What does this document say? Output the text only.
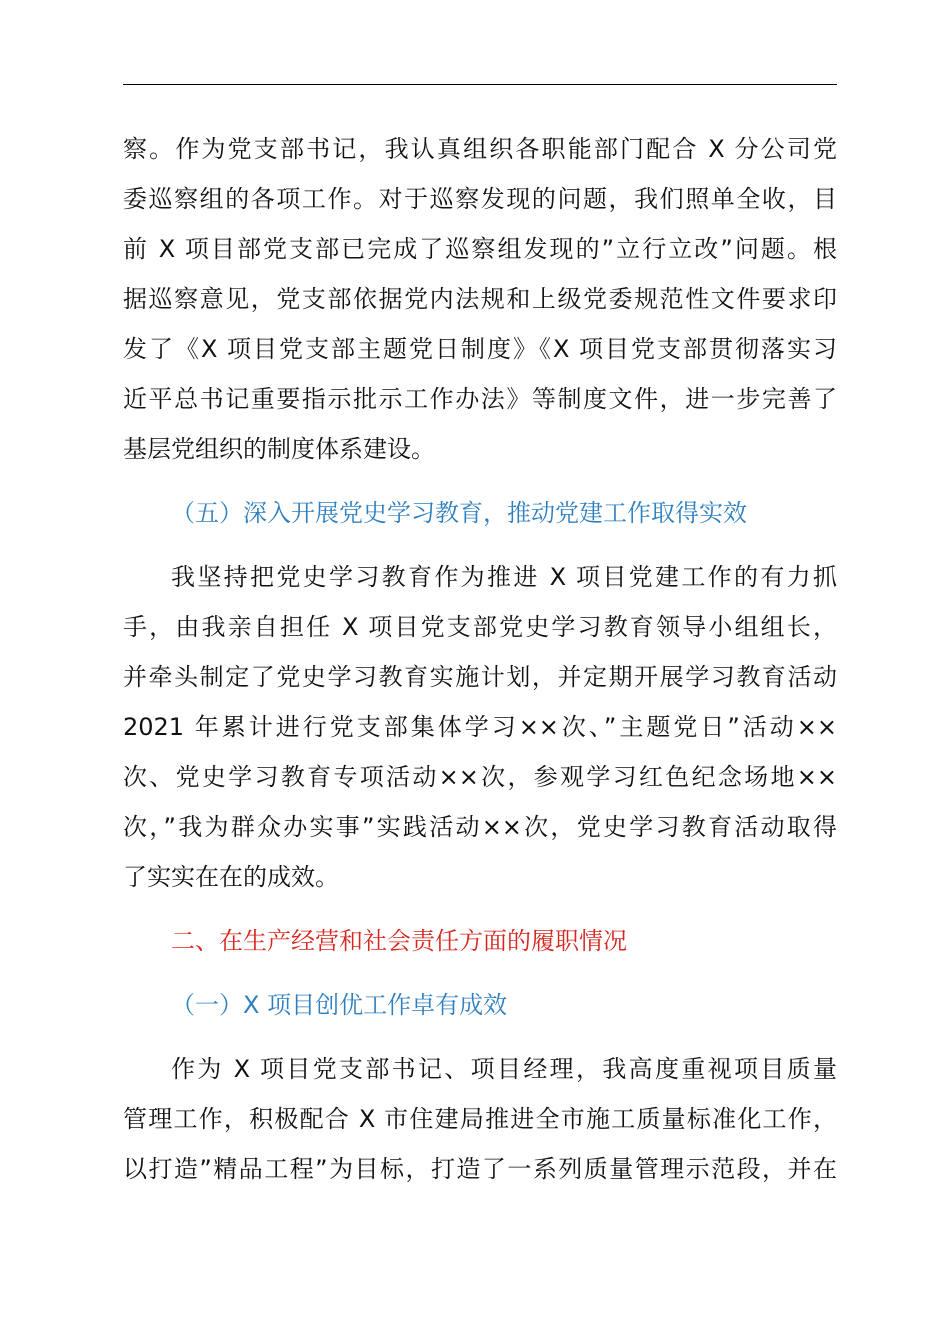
察。作为党支部书记，我认真组织各职能部门配合 X 分公司党
委巡察组的各项工作。对于巡察发现的问题，我们照单全收，目
前 X 项目部党支部已完成了巡察组发现的”立行立改”问题。根
据巡察意见，党支部依据党内法规和上级党委规范性文件要求印
发了《X 项目党支部主题党日制度》《X 项目党支部贯彻落实习
近平总书记重要指示批示工作办法》等制度文件，进一步完善了
基层党组织的制度体系建设。
（五）深入开展党史学习教育，推动党建工作取得实效
我坚持把党史学习教育作为推进 X 项目党建工作的有力抓
手，由我亲自担任 X 项目党支部党史学习教育领导小组组长，
并牵头制定了党史学习教育实施计划，并定期开展学习教育活动
2021 年累计进行党支部集体学习××次、”主题党日”活动××
次、党史学习教育专项活动××次，参观学习红色纪念场地××
次，”我为群众办实事”实践活动××次，党史学习教育活动取得
了实实在在的成效。
二、在生产经营和社会责任方面的履职情况
（一）X 项目创优工作卓有成效
作为 X 项目党支部书记、项目经理，我高度重视项目质量
管理工作，积极配合 X 市住建局推进全市施工质量标准化工作，
以打造”精品工程”为目标，打造了一系列质量管理示范段，并在
